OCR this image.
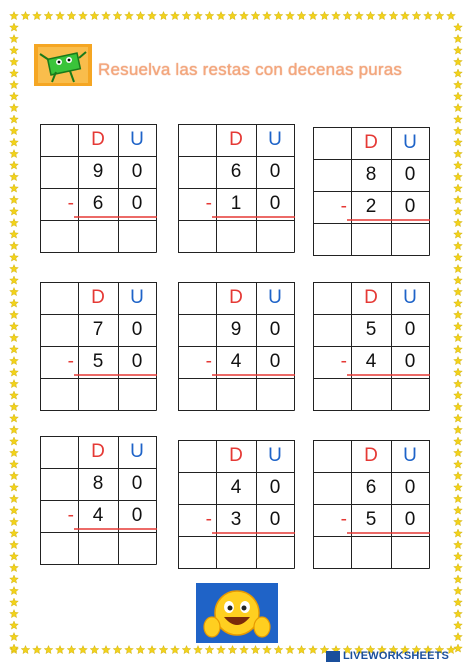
Resuelva las restas con decenas puras
D	U
9	0
- 6	0
D	U
6	0
- 1	0
D	U
8	0
- 2	0
D	U
7	0
- 5	0
D	U
9	0
- 4	0
D	U
5	0
- 4	0
D	U
8	0
- 4	0
D	U
4	0
- 3	0
D	U
6	0
- 5	0
LIVEWORKSHEETS
